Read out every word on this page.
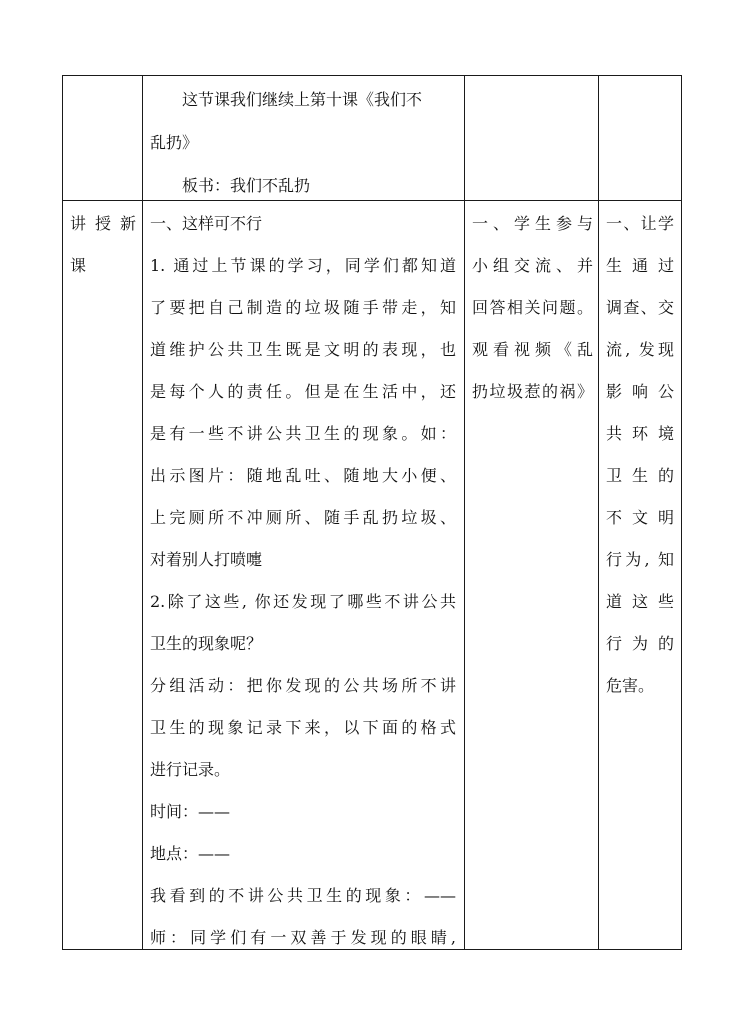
这节课我们继续上第十课《我们不
乱扔》
板书：我们不乱扔
讲授新
课
一、这样可不行
1. 通过上节课的学习，同学们都知道
了要把自己制造的垃圾随手带走，知
道维护公共卫生既是文明的表现，也
是每个人的责任。但是在生活中，还
是有一些不讲公共卫生的现象。如：
出示图片：随地乱吐、随地大小便、
上完厕所不冲厕所、随手乱扔垃圾、
对着别人打喷嚏
2.除了这些, 你还发现了哪些不讲公共
卫生的现象呢？
分组活动：把你发现的公共场所不讲
卫生的现象记录下来，以下面的格式
进行记录。
时间：——
地点：——
我看到的不讲公共卫生的现象：——
师：同学们有一双善于发现的眼睛,
一、学生参与
小组交流、并
回答相关问题。
观看视频《乱
扔垃圾惹的祸》
一、让学
生 通 过
调查、交
流, 发现
影 响 公
共 环 境
卫 生 的
不 文 明
行为, 知
道 这 些
行 为 的
危害。
